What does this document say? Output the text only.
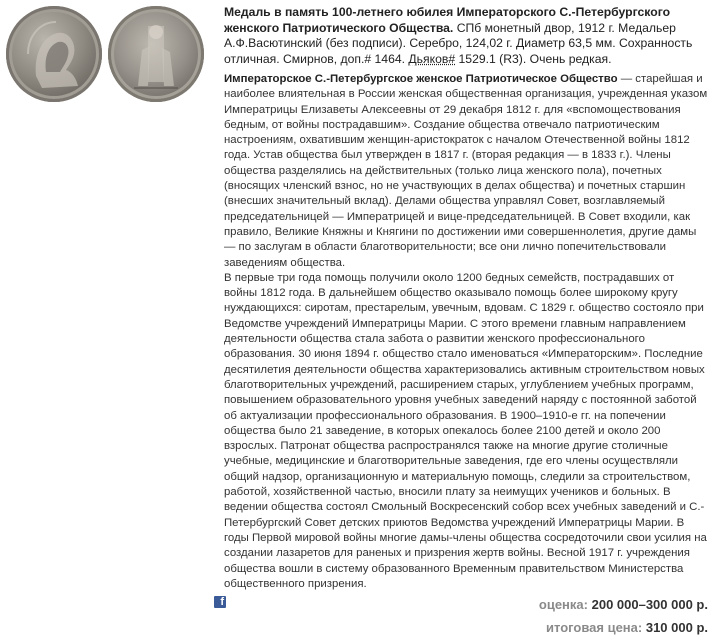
Медаль в память 100-летнего юбилея Императорского С.-Петербургского женского Патриотического Общества. СПб монетный двор, 1912 г. Медальер А.Ф.Васютинский (без подписи). Серебро, 124,02 г. Диаметр 63,5 мм. Сохранность отличная. Смирнов, доп.# 1464. Дьяков# 1529.1 (R3). Очень редкая.

Императорское С.-Петербургское женское Патриотическое Общество — старейшая и наиболее влиятельная в России женская общественная организация, учрежденная указом Императрицы Елизаветы Алексеевны от 29 декабря 1812 г. для «вспомоществования бедным, от войны пострадавшим». Создание общества отвечало патриотическим настроениям, охватившим женщин-аристократок с началом Отечественной войны 1812 года. Устав общества был утвержден в 1817 г. (вторая редакция — в 1833 г.). Члены общества разделялись на действительных (только лица женского пола), почетных (вносящих членский взнос, но не участвующих в делах общества) и почетных старшин (внесших значительный вклад). Делами общества управлял Совет, возглавляемый председательницей — Императрицей и вице-председательницей. В Совет входили, как правило, Великие Княжны и Княгини по достижении ими совершеннолетия, другие дамы — по заслугам в области благотворительности; все они лично попечительствовали заведениям общества.

В первые три года помощь получили около 1200 бедных семейств, пострадавших от войны 1812 года. В дальнейшем общество оказывало помощь более широкому кругу нуждающихся: сиротам, престарелым, увечным, вдовам. С 1829 г. общество состояло при Ведомстве учреждений Императрицы Марии. С этого времени главным направлением деятельности общества стала забота о развитии женского профессионального образования. 30 июня 1894 г. общество стало именоваться «Императорским». Последние десятилетия деятельности общества характеризовались активным строительством новых благотворительных учреждений, расширением старых, углублением учебных программ, повышением образовательного уровня учебных заведений наряду с постоянной заботой об актуализации профессионального образования. В 1900–1910-е гг. на попечении общества было 21 заведение, в которых опекалось более 2100 детей и около 200 взрослых. Патронат общества распространялся также на многие другие столичные учебные, медицинские и благотворительные заведения, где его члены осуществляли общий надзор, организационную и материальную помощь, следили за строительством, работой, хозяйственной частью, вносили плату за неимущих учеников и больных. В ведении общества состоял Смольный Воскресенский собор всех учебных заведений и С.-Петербургский Совет детских приютов Ведомства учреждений Императрицы Марии. В годы Первой мировой войны многие дамы-члены общества сосредоточили свои усилия на создании лазаретов для раненых и призрения жертв войны. Весной 1917 г. учреждения общества вошли в систему образованного Временным правительством Министерства общественного призрения.

f	оценка: 200 000–300 000 р.
итоговая цена: 310 000 р.
